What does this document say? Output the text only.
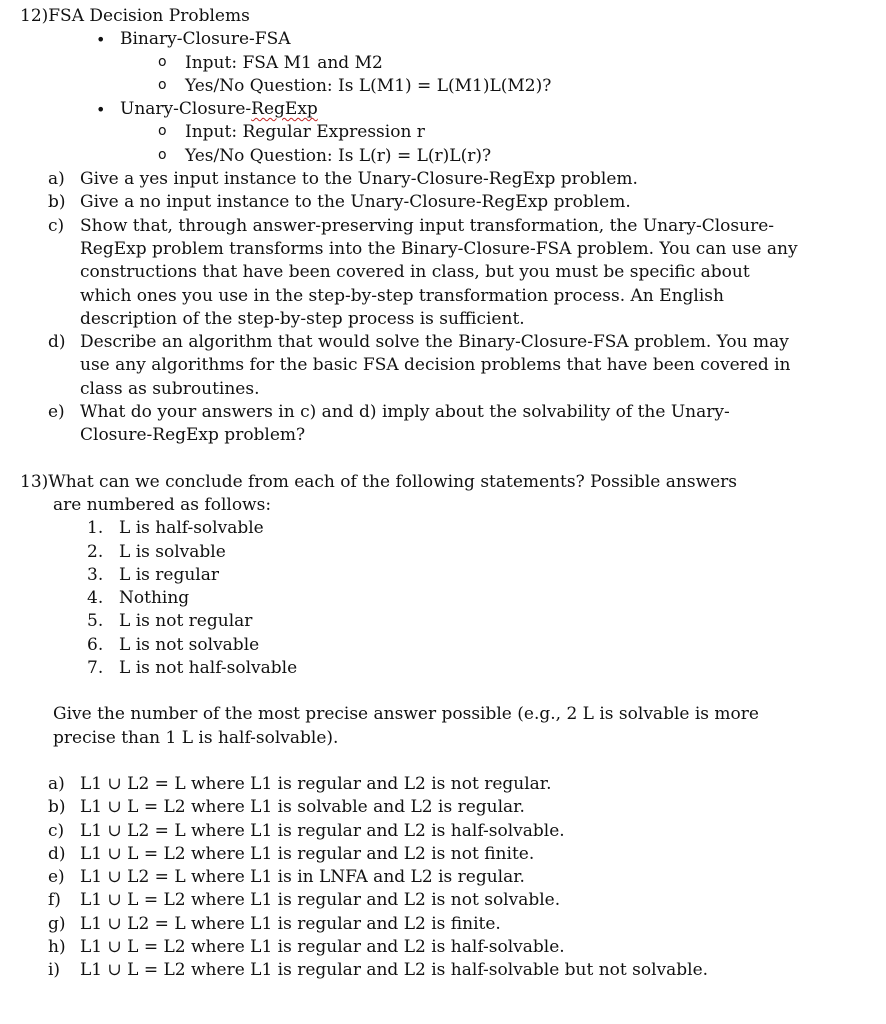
12)FSA Decision Problems
• Binary-Closure-FSA
o Input: FSA M1 and M2
o Yes/No Question: Is L(M1) = L(M1)L(M2)?
• Unary-Closure-RegExp
o Input: Regular Expression r
o Yes/No Question: Is L(r) = L(r)L(r)?
a) Give a yes input instance to the Unary-Closure-RegExp problem.
b) Give a no input instance to the Unary-Closure-RegExp problem.
c) Show that, through answer-preserving input transformation, the Unary-Closure-RegExp problem transforms into the Binary-Closure-FSA problem. You can use any constructions that have been covered in class, but you must be specific about which ones you use in the step-by-step transformation process. An English description of the step-by-step process is sufficient.
d) Describe an algorithm that would solve the Binary-Closure-FSA problem. You may use any algorithms for the basic FSA decision problems that have been covered in class as subroutines.
e) What do your answers in c) and d) imply about the solvability of the Unary-Closure-RegExp problem?
13)What can we conclude from each of the following statements? Possible answers
are numbered as follows:
1. L is half-solvable
2. L is solvable
3. L is regular
4. Nothing
5. L is not regular
6. L is not solvable
7. L is not half-solvable
Give the number of the most precise answer possible (e.g., 2 L is solvable is more precise than 1 L is half-solvable).
a) L1 ∪ L2 = L where L1 is regular and L2 is not regular.
b) L1 ∪ L = L2 where L1 is solvable and L2 is regular.
c) L1 ∪ L2 = L where L1 is regular and L2 is half-solvable.
d) L1 ∪ L = L2 where L1 is regular and L2 is not finite.
e) L1 ∪ L2 = L where L1 is in LNFA and L2 is regular.
f)	L1 ∪ L = L2 where L1 is regular and L2 is not solvable.
g) L1 ∪ L2 = L where L1 is regular and L2 is finite.
h) L1 ∪ L = L2 where L1 is regular and L2 is half-solvable.
i)	L1 ∪ L = L2 where L1 is regular and L2 is half-solvable but not solvable.
